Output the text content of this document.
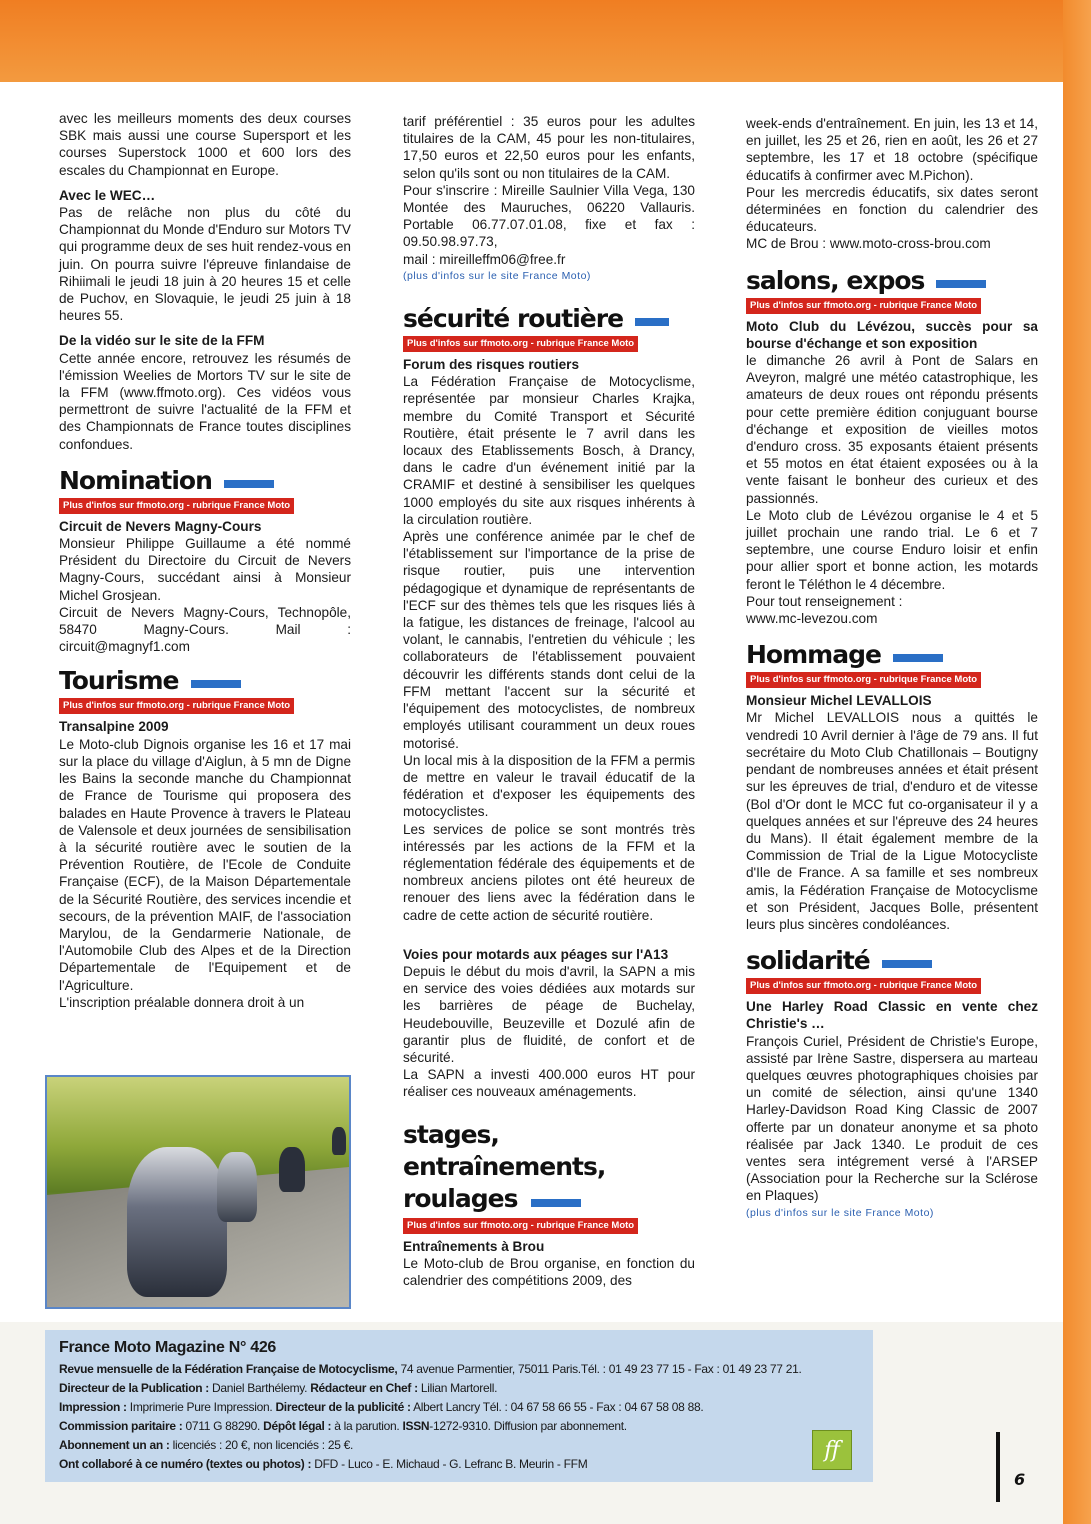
avec les meilleurs moments des deux courses SBK mais aussi une course Supersport et les courses Superstock 1000 et 600 lors des escales du Championnat en Europe.

Avec le WEC…

Pas de relâche non plus du côté du Championnat du Monde d'Enduro sur Motors TV qui programme deux de ses huit rendez-vous en juin. On pourra suivre l'épreuve finlandaise de Rihiimali le jeudi 18 juin à 20 heures 15 et celle de Puchov, en Slovaquie, le jeudi 25 juin à 18 heures 55.

De la vidéo sur le site de la FFM

Cette année encore, retrouvez les résumés de l'émission Weelies de Mortors TV sur le site de la FFM (www.ffmoto.org). Ces vidéos vous permettront de suivre l'actualité de la FFM et des Championnats de France toutes disciplines confondues.

Nomination
Plus d'infos sur ffmoto.org - rubrique France Moto

Circuit de Nevers Magny-Cours

Monsieur Philippe Guillaume a été nommé Président du Directoire du Circuit de Nevers Magny-Cours, succédant ainsi à Monsieur Michel Grosjean.

Circuit de Nevers Magny-Cours, Technopôle, 58470 Magny-Cours. Mail : circuit@magnyf1.com

Tourisme
Plus d'infos sur ffmoto.org - rubrique France Moto

Transalpine 2009

Le Moto-club Dignois organise les 16 et 17 mai sur la place du village d'Aiglun, à 5 mn de Digne les Bains la seconde manche du Championnat de France de Tourisme qui proposera des balades en Haute Provence à travers le Plateau de Valensole et deux journées de sensibilisation à la sécurité routière avec le soutien de la Prévention Routière, de l'Ecole de Conduite Française (ECF), de la Maison Départementale de la Sécurité Routière, des services incendie et secours, de la prévention MAIF, de l'association Marylou, de la Gendarmerie Nationale, de l'Automobile Club des Alpes et de la Direction Départementale de l'Equipement et de l'Agriculture.

L'inscription préalable donnera droit à un

tarif préférentiel : 35 euros pour les adultes titulaires de la CAM, 45 pour les non-titulaires, 17,50 euros et 22,50 euros pour les enfants, selon qu'ils sont ou non titulaires de la CAM.

Pour s'inscrire : Mireille Saulnier Villa Vega, 130 Montée des Mauruches, 06220 Vallauris. Portable 06.77.07.01.08, fixe et fax : 09.50.98.97.73,

mail : mireilleffm06@free.fr

(plus d'infos sur le site France Moto)

sécurité routière
Plus d'infos sur ffmoto.org - rubrique France Moto

Forum des risques routiers

La Fédération Française de Motocyclisme, représentée par monsieur Charles Krajka, membre du Comité Transport et Sécurité Routière, était présente le 7 avril dans les locaux des Etablissements Bosch, à Drancy, dans le cadre d'un événement initié par la CRAMIF et destiné à sensibiliser les quelques 1000 employés du site aux risques inhérents à la circulation routière.

Après une conférence animée par le chef de l'établissement sur l'importance de la prise de risque routier, puis une intervention pédagogique et dynamique de représentants de l'ECF sur des thèmes tels que les risques liés à la fatigue, les distances de freinage, l'alcool au volant, le cannabis, l'entretien du véhicule ; les collaborateurs de l'établissement pouvaient découvrir les différents stands dont celui de la FFM mettant l'accent sur la sécurité et l'équipement des motocyclistes, de nombreux employés utilisant couramment un deux roues motorisé.

Un local mis à la disposition de la FFM a permis de mettre en valeur le travail éducatif de la fédération et d'exposer les équipements des motocyclistes.

Les services de police se sont montrés très intéressés par les actions de la FFM et la réglementation fédérale des équipements et de nombreux anciens pilotes ont été heureux de renouer des liens avec la fédération dans le cadre de cette action de sécurité routière.

Voies pour motards aux péages sur l'A13

Depuis le début du mois d'avril, la SAPN a mis en service des voies dédiées aux motards sur les barrières de péage de Buchelay, Heudebouville, Beuzeville et Dozulé afin de garantir plus de fluidité, de confort et de sécurité.

La SAPN a investi 400.000 euros HT pour réaliser ces nouveaux aménagements.

stages, entraînements, roulages
Plus d'infos sur ffmoto.org - rubrique France Moto

Entraînements à Brou

Le Moto-club de Brou organise, en fonction du calendrier des compétitions 2009, des

week-ends d'entraînement. En juin, les 13 et 14, en juillet, les 25 et 26, rien en août, les 26 et 27 septembre, les 17 et 18 octobre (spécifique éducatifs à confirmer avec M.Pichon).

Pour les mercredis éducatifs, six dates seront déterminées en fonction du calendrier des éducateurs.

MC de Brou : www.moto-cross-brou.com

salons, expos
Plus d'infos sur ffmoto.org - rubrique France Moto

Moto Club du Lévézou, succès pour sa bourse d'échange et son exposition

le dimanche 26 avril à Pont de Salars en Aveyron, malgré une météo catastrophique, les amateurs de deux roues ont répondu présents pour cette première édition conjuguant bourse d'échange et exposition de vieilles motos d'enduro cross. 35 exposants étaient présents et 55 motos en état étaient exposées ou à la vente faisant le bonheur des curieux et des passionnés.

Le Moto club de Lévézou organise le 4 et 5 juillet prochain une rando trial. Le 6 et 7 septembre, une course Enduro loisir et enfin pour allier sport et bonne action, les motards feront le Téléthon le 4 décembre.

Pour tout renseignement :

www.mc-levezou.com

Hommage
Plus d'infos sur ffmoto.org - rubrique France Moto

Monsieur Michel LEVALLOIS

Mr Michel LEVALLOIS nous a quittés le vendredi 10 Avril dernier à l'âge de 79 ans. Il fut secrétaire du Moto Club Chatillonais – Boutigny pendant de nombreuses années et était présent sur les épreuves de trial, d'enduro et de vitesse (Bol d'Or dont le MCC fut co-organisateur il y a quelques années et sur l'épreuve des 24 heures du Mans). Il était également membre de la Commission de Trial de la Ligue Motocycliste d'Ile de France. A sa famille et ses nombreux amis, la Fédération Française de Motocyclisme et son Président, Jacques Bolle, présentent leurs plus sincères condoléances.

solidarité
Plus d'infos sur ffmoto.org - rubrique France Moto

Une Harley Road Classic en vente chez Christie's …

François Curiel, Président de Christie's Europe, assisté par Irène Sastre, dispersera au marteau quelques œuvres photographiques choisies par un comité de sélection, ainsi qu'une 1340 Harley-Davidson Road King Classic de 2007 offerte par un donateur anonyme et sa photo réalisée par Jack 1340. Le produit de ces ventes sera intégrement versé à l'ARSEP (Association pour la Recherche sur la Sclérose en Plaques)

(plus d'infos sur le site France Moto)

France Moto Magazine N° 426
Revue mensuelle de la Fédération Française de Motocyclisme, 74 avenue Parmentier, 75011 Paris.Tél. : 01 49 23 77 15 - Fax : 01 49 23 77 21.
Directeur de la Publication : Daniel Barthélemy. Rédacteur en Chef : Lilian Martorell.
Impression : Imprimerie Pure Impression. Directeur de la publicité : Albert Lancry Tél. : 04 67 58 66 55 - Fax : 04 67 58 08 88.
Commission paritaire : 0711 G 88290. Dépôt légal : à la parution. ISSN-1272-9310. Diffusion par abonnement.
Abonnement un an : licenciés : 20 €, non licenciés : 25 €.
Ont collaboré à ce numéro (textes ou photos) : DFD - Luco - E. Michaud - G. Lefranc B. Meurin - FFM
ff
6
